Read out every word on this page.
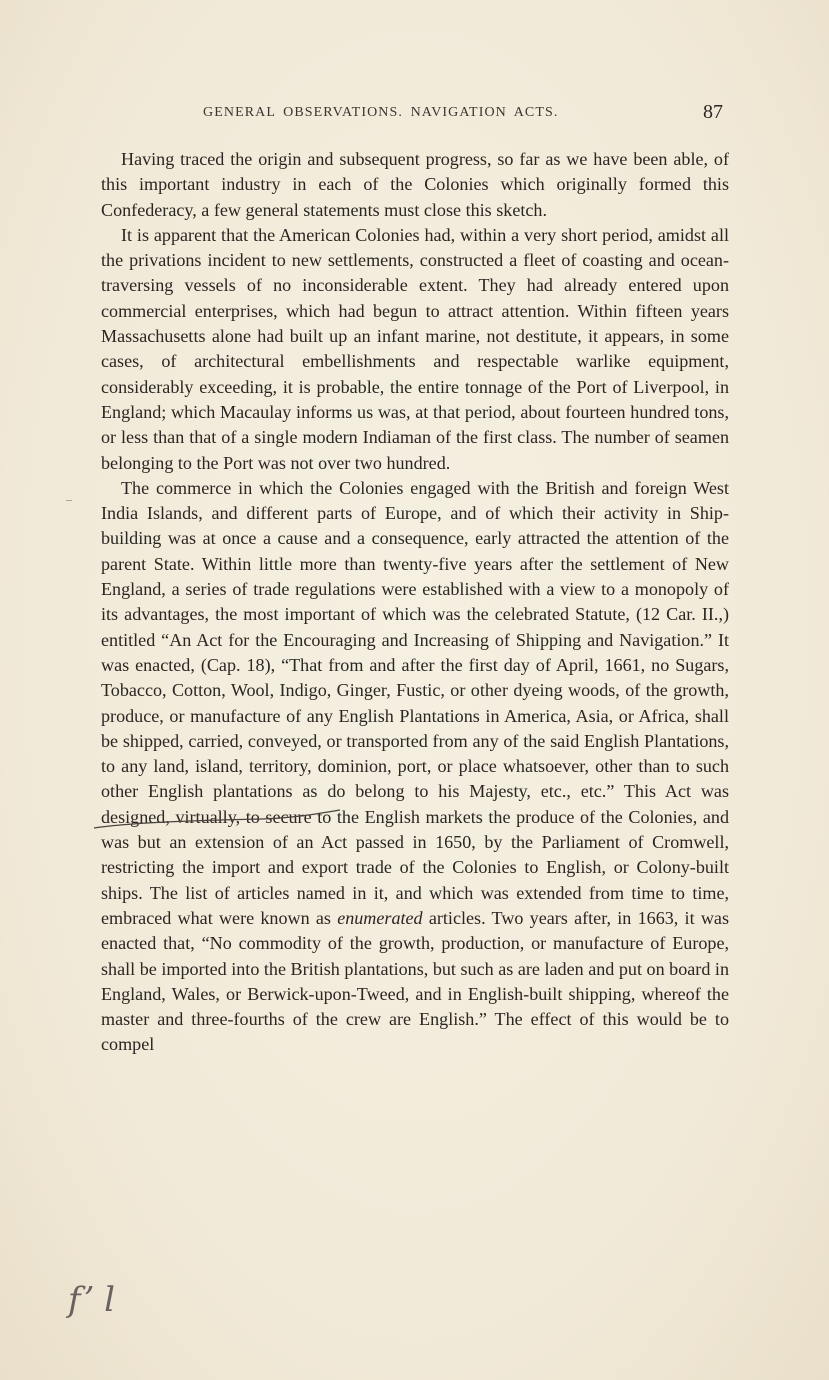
GENERAL OBSERVATIONS. NAVIGATION ACTS.	87

Having traced the origin and subsequent progress, so far as we have been able, of this important industry in each of the Colonies which originally formed this Confederacy, a few general statements must close this sketch.

It is apparent that the American Colonies had, within a very short period, amidst all the privations incident to new settlements, constructed a fleet of coasting and ocean-traversing vessels of no inconsiderable extent. They had already entered upon commercial enterprises, which had begun to attract attention. Within fifteen years Massachusetts alone had built up an infant marine, not destitute, it appears, in some cases, of architectural embellishments and respectable warlike equipment, considerably exceeding, it is probable, the entire tonnage of the Port of Liverpool, in England; which Macaulay informs us was, at that period, about fourteen hundred tons, or less than that of a single modern Indiaman of the first class. The number of seamen belonging to the Port was not over two hundred.

The commerce in which the Colonies engaged with the British and foreign West India Islands, and different parts of Europe, and of which their activity in Ship-building was at once a cause and a consequence, early attracted the attention of the parent State. Within little more than twenty-five years after the settlement of New England, a series of trade regulations were established with a view to a monopoly of its advantages, the most important of which was the celebrated Statute, (12 Car. II.,) entitled “An Act for the Encouraging and Increasing of Shipping and Navigation.” It was enacted, (Cap. 18), “That from and after the first day of April, 1661, no Sugars, Tobacco, Cotton, Wool, Indigo, Ginger, Fustic, or other dyeing woods, of the growth, produce, or manufacture of any English Plantations in America, Asia, or Africa, shall be shipped, carried, conveyed, or transported from any of the said English Plantations, to any land, island, territory, dominion, port, or place whatsoever, other than to such other English plantations as do belong to his Majesty, etc., etc.” This Act was designed, virtually, to secure to the English markets the produce of the Colonies, and was but an extension of an Act passed in 1650, by the Parliament of Cromwell, restricting the import and export trade of the Colonies to English, or Colony-built ships. The list of articles named in it, and which was extended from time to time, embraced what were known as enumerated articles. Two years after, in 1663, it was enacted that, “No commodity of the growth, production, or manufacture of Europe, shall be imported into the British plantations, but such as are laden and put on board in England, Wales, or Berwick-upon-Tweed, and in English-built shipping, whereof the master and three-fourths of the crew are English.” The effect of this would be to compel

–
fʼ l
